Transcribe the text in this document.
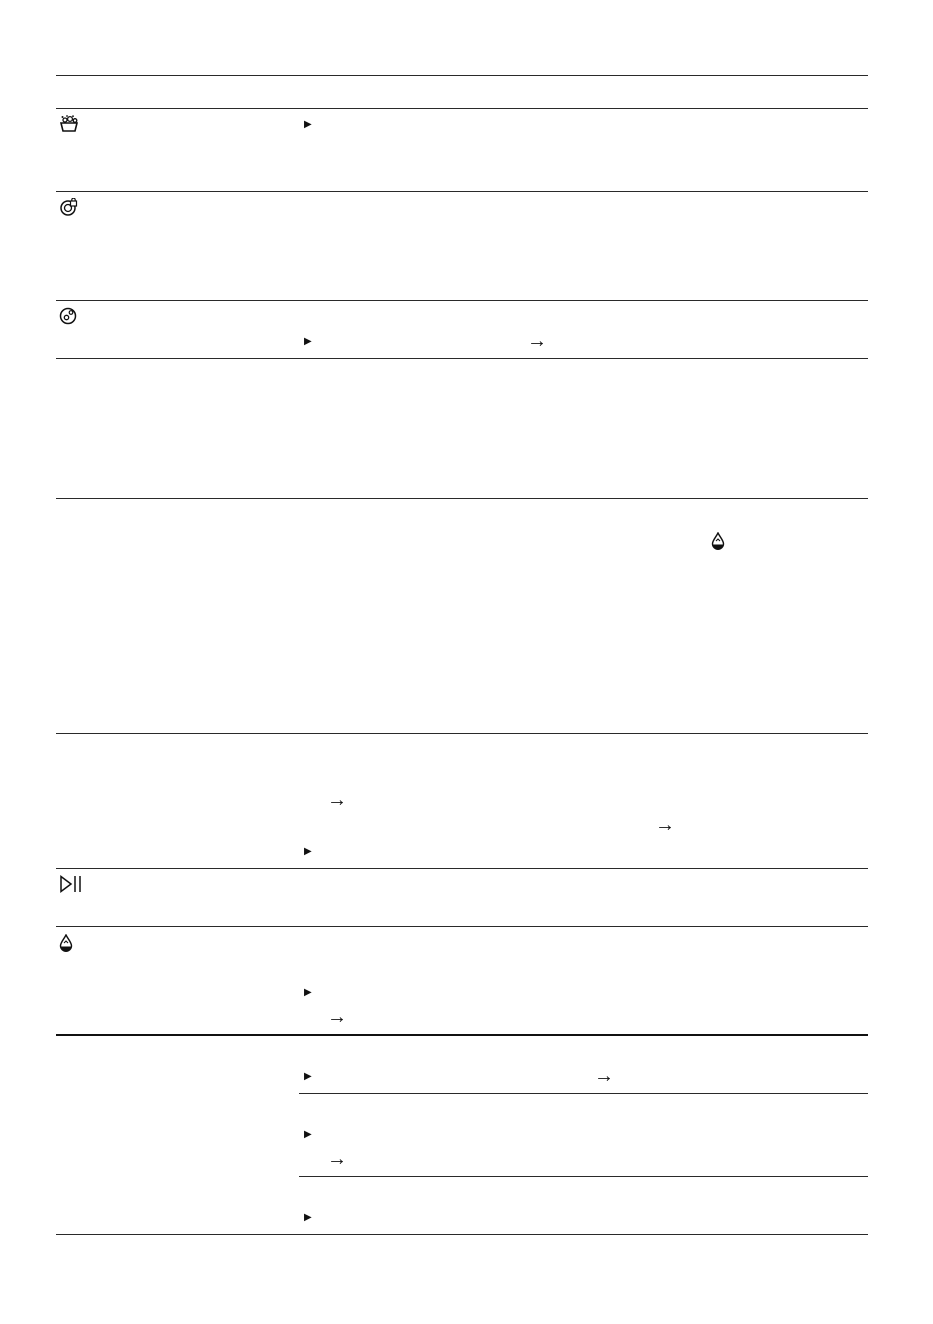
▶
▶
▶
▶
▶
▶
▶
→
→
→
→
→
→
